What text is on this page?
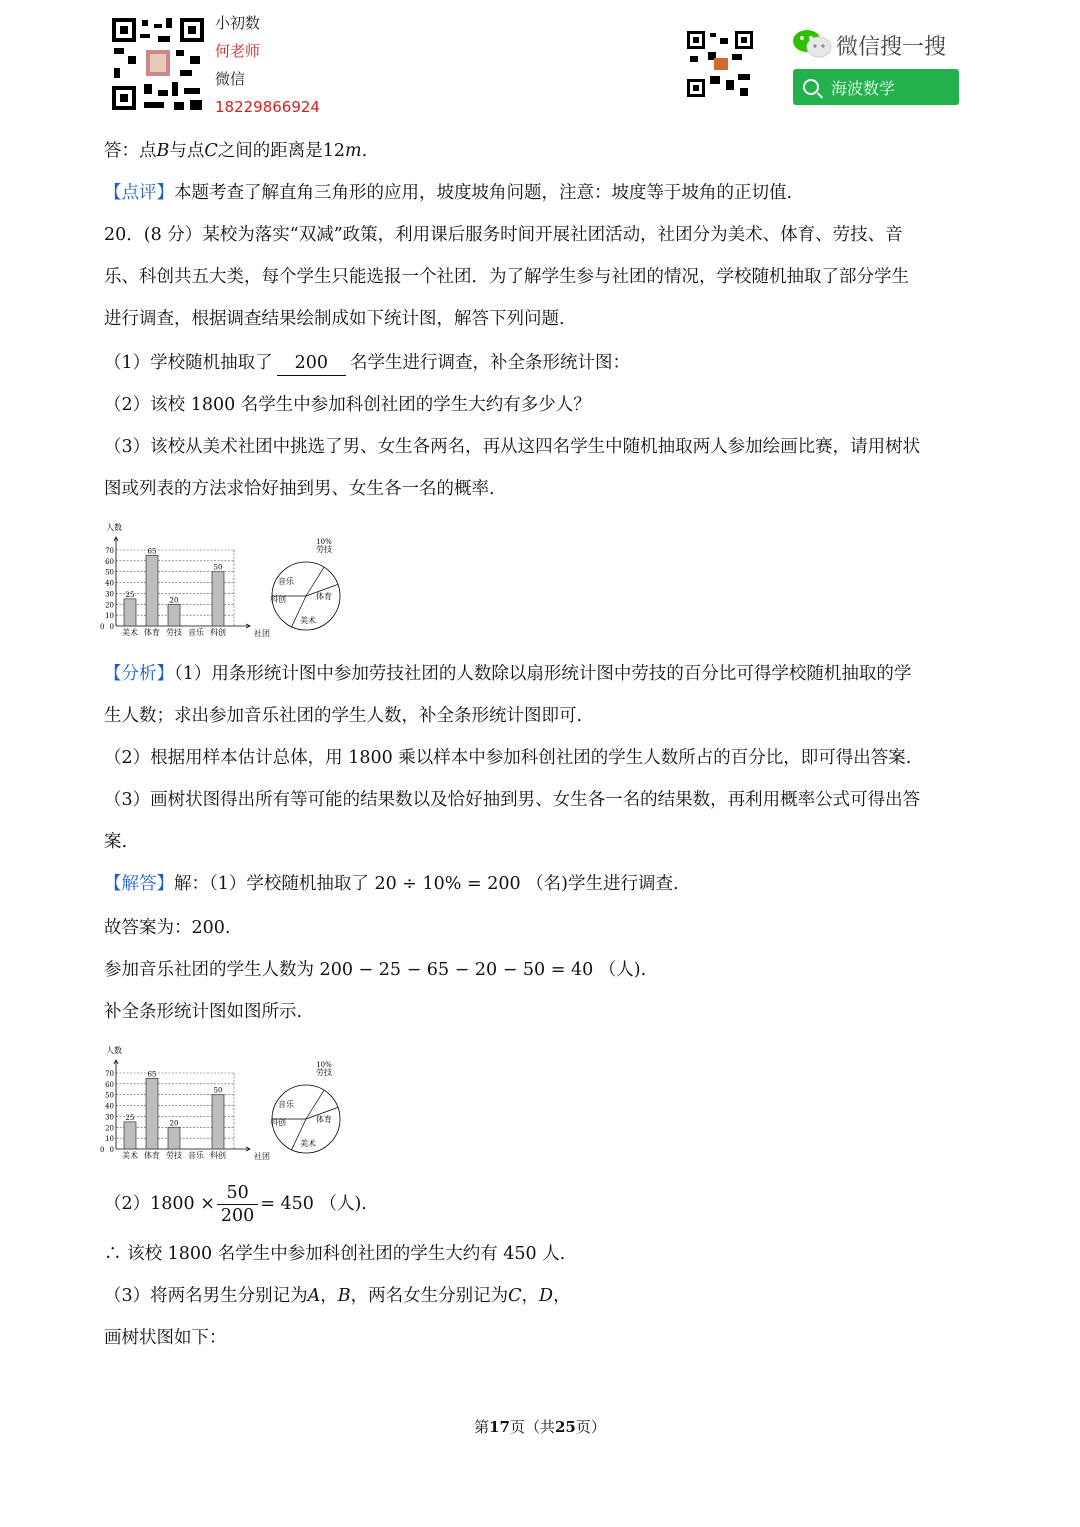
小初数
何老师
微信
18229866924
微信搜一搜
海波数学
答：点B与点C之间的距离是12m.
【点评】本题考查了解直角三角形的应用，坡度坡角问题，注意：坡度等于坡角的正切值.
20．(8 分）某校为落实“双减”政策，利用课后服务时间开展社团活动，社团分为美术、体育、劳技、音
乐、科创共五大类，每个学生只能选报一个社团．为了解学生参与社团的情况，学校随机抽取了部分学生
进行调查，根据调查结果绘制成如下统计图，解答下列问题.
（1）学校随机抽取了 200 名学生进行调查，补全条形统计图：
（2）该校 1800 名学生中参加科创社团的学生大约有多少人？
（3）该校从美术社团中挑选了男、女生各两名，再从这四名学生中随机抽取两人参加绘画比赛，请用树状
图或列表的方法求恰好抽到男、女生各一名的概率.
人数
0
10
20
30
40
50
60
70
0
社团
美术
25
体育
65
劳技
20
音乐 科创
50
音乐
劳技
体育
美术
科创
10%
【分析】（1）用条形统计图中参加劳技社团的人数除以扇形统计图中劳技的百分比可得学校随机抽取的学
生人数；求出参加音乐社团的学生人数，补全条形统计图即可.
（2）根据用样本估计总体，用 1800 乘以样本中参加科创社团的学生人数所占的百分比，即可得出答案.
（3）画树状图得出所有等可能的结果数以及恰好抽到男、女生各一名的结果数，再利用概率公式可得出答
案.
【解答】解：（1）学校随机抽取了 20 ÷ 10% = 200 （名)学生进行调查.
故答案为：200.
参加音乐社团的学生人数为 200 − 25 − 65 − 20 − 50 = 40 （人).
补全条形统计图如图所示.
人数
0
10
20
30
40
50
60
70
0
社团
美术
25
体育
65
劳技
20
音乐 科创
50
音乐
劳技
体育
美术
科创
10%
$(2)1800 \times \frac{50}{200} = 450$ （人).
∴ 该校 1800 名学生中参加科创社团的学生大约有 450 人.
（3）将两名男生分别记为A，B，两名女生分别记为C，D，
画树状图如下：
第17页（共25页）
